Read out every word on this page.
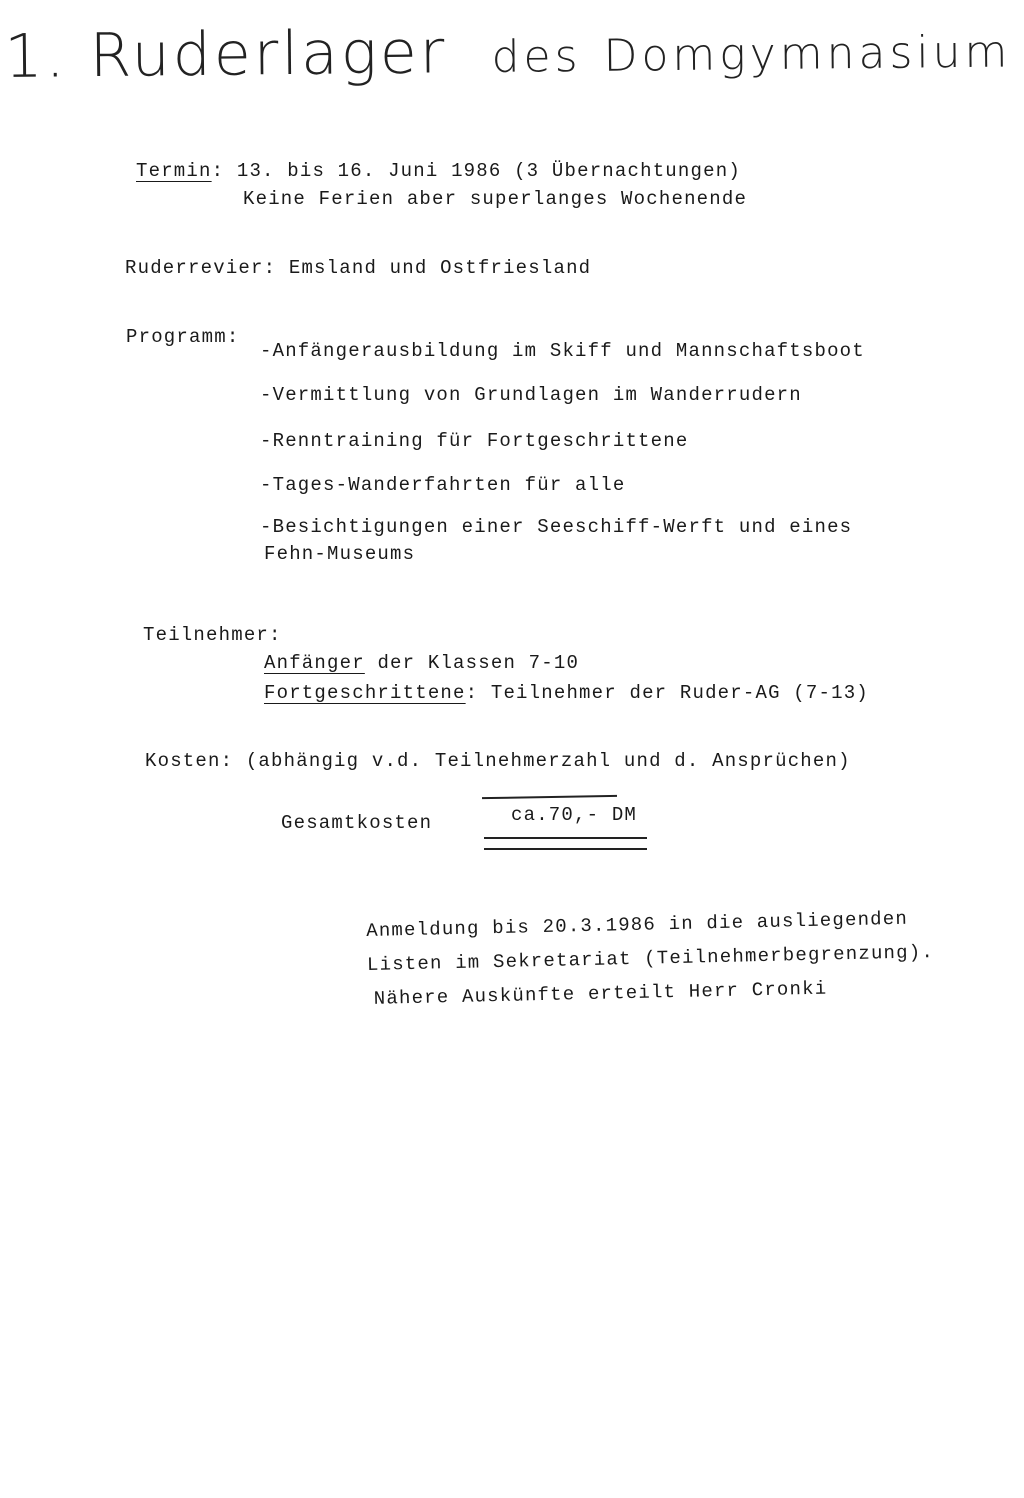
1. Ruderlager des Domgymnasium
Termin: 13. bis 16. Juni 1986 (3 Übernachtungen)
Keine Ferien aber superlanges Wochenende
Ruderrevier: Emsland und Ostfriesland
Programm:
-Anfängerausbildung im Skiff und Mannschaftsboot
-Vermittlung von Grundlagen im Wanderrudern
-Renntraining für Fortgeschrittene
-Tages-Wanderfahrten für alle
-Besichtigungen einer Seeschiff-Werft und eines
Fehn-Museums
Teilnehmer:
Anfänger der Klassen 7-10
Fortgeschrittene: Teilnehmer der Ruder-AG (7-13)
Kosten: (abhängig v.d. Teilnehmerzahl und d. Ansprüchen)
Gesamtkosten	ca.70,- DM
Anmeldung bis 20.3.1986 in die ausliegenden
Listen im Sekretariat (Teilnehmerbegrenzung).
Nähere Auskünfte erteilt Herr Cronki
